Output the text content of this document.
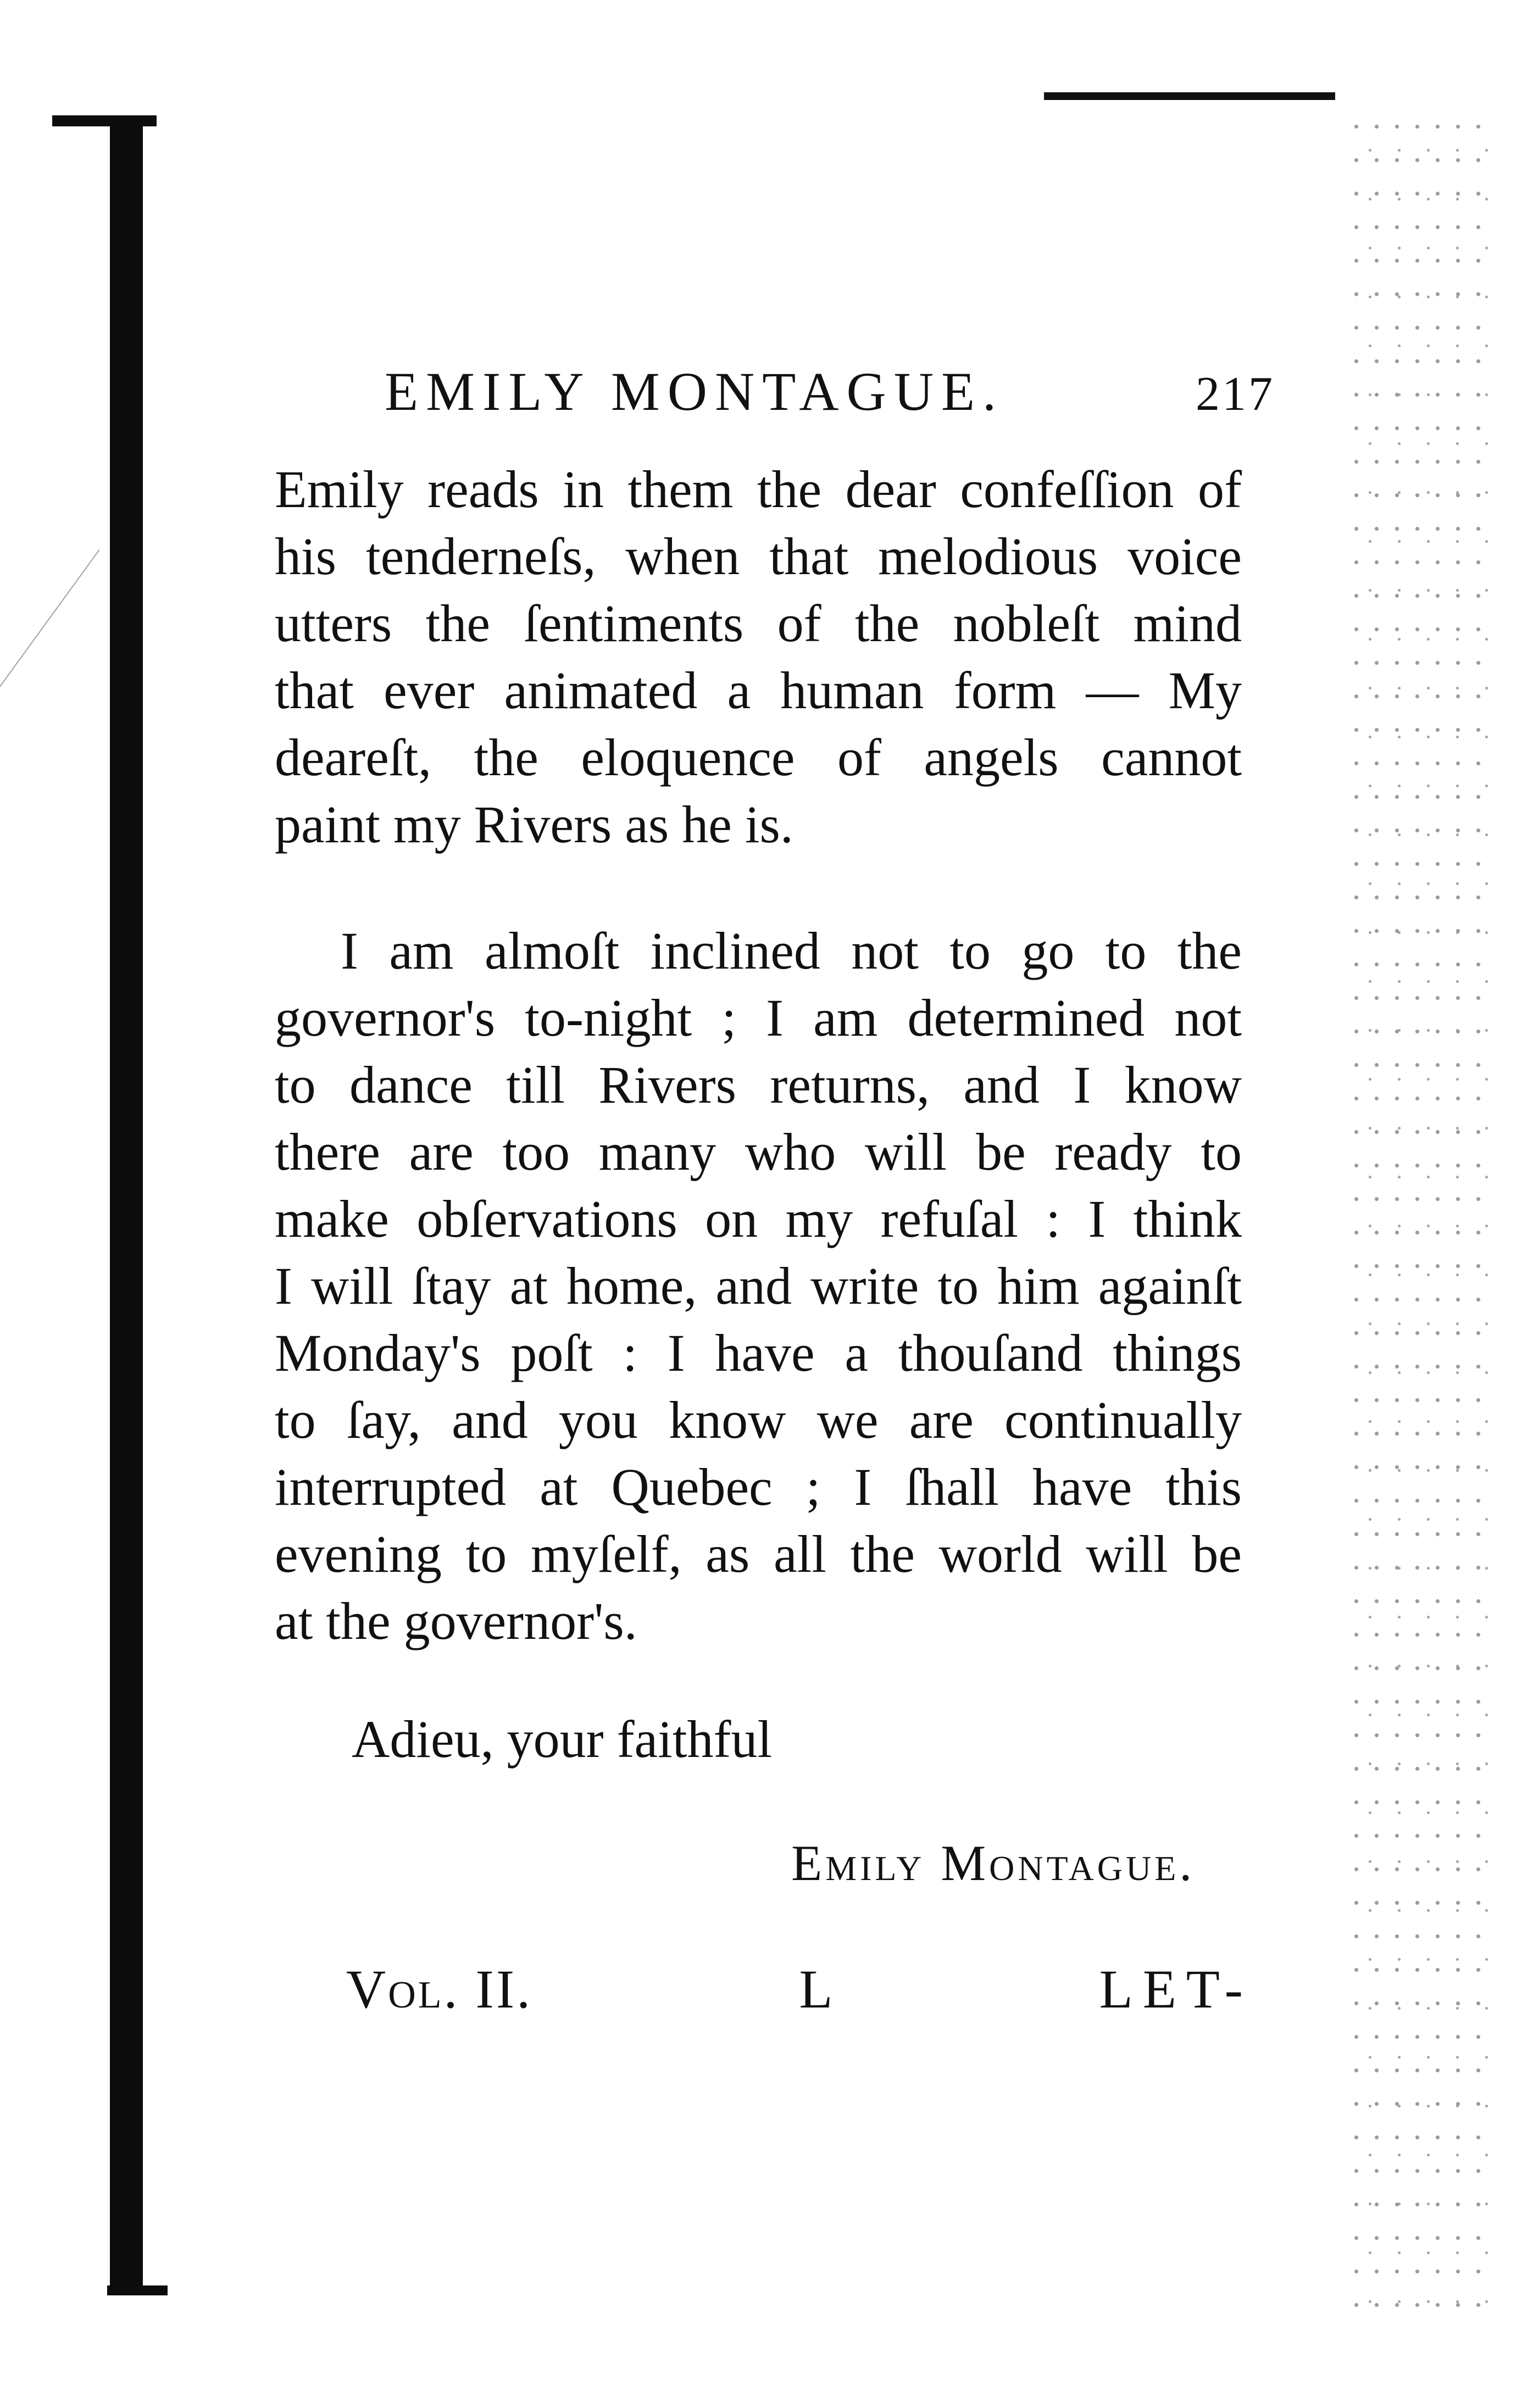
EMILY MONTAGUE.	217
Emily reads in them the dear confeſſion of
his tenderneſs, when that melodious voice
utters the ſentiments of the nobleſt mind
that ever animated a human form — My
deareſt, the eloquence of angels cannot
paint my Rivers as he is.
I am almoſt inclined not to go to the
governor's to-night ; I am determined not
to dance till Rivers returns, and I know
there are too many who will be ready to
make obſervations on my refuſal : I think
I will ſtay at home, and write to him againſt
Monday's poſt : I have a thouſand things
to ſay, and you know we are continually
interrupted at Quebec ; I ſhall have this
evening to myſelf, as all the world will be
at the governor's.
Adieu, your faithful
Emily Montague.
Vol. II.	L	LET-
